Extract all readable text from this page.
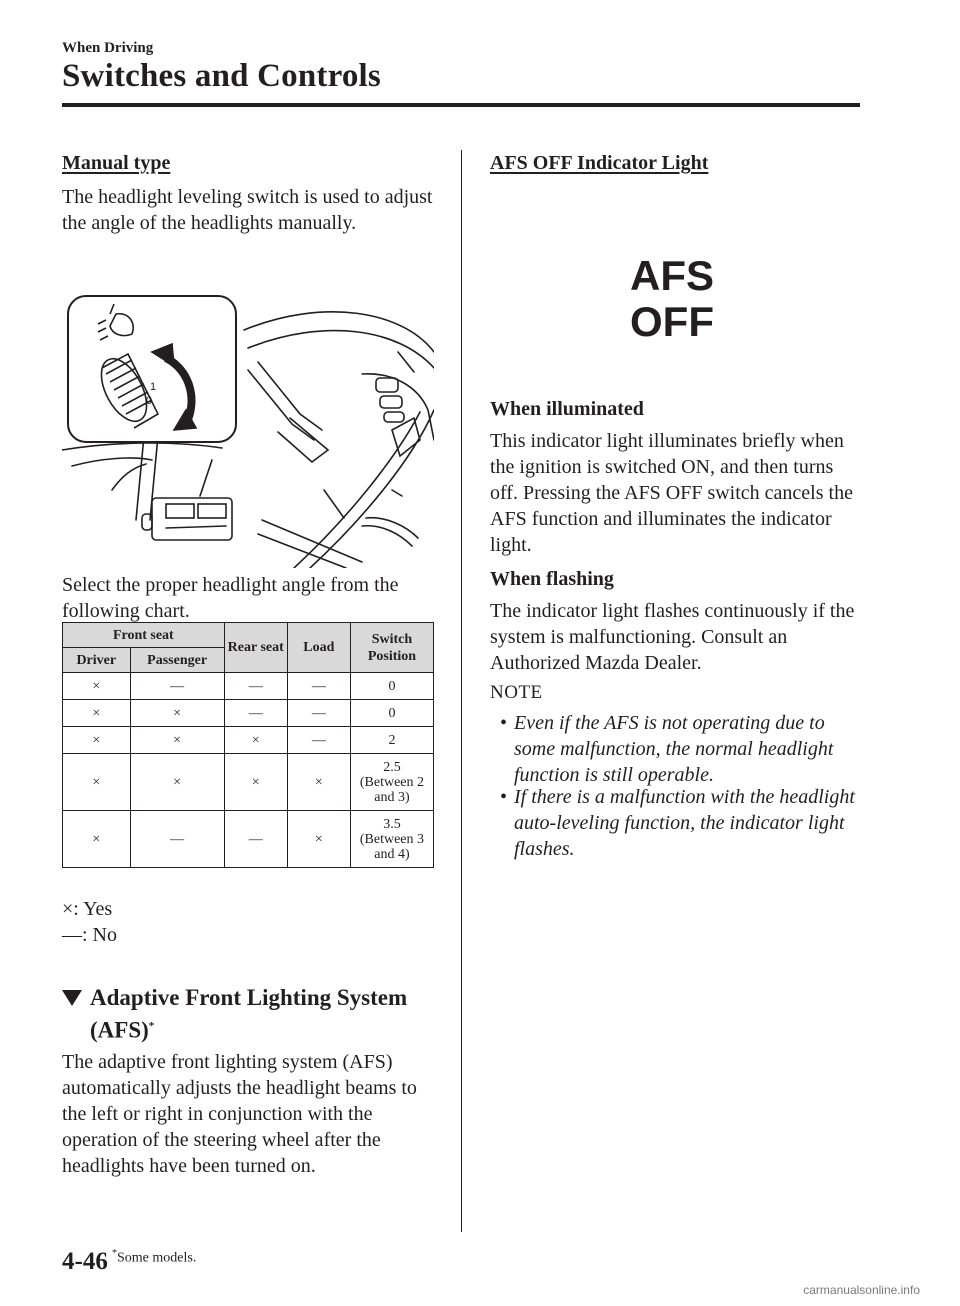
When Driving
Switches and Controls
Manual type

The headlight leveling switch is used to adjust the angle of the headlights manually.

1
0

Select the proper headlight angle from the following chart.

Front seat		Rear seat	Load	Switch Position
Driver	Passenger			
×	—	—	—	0
×	×	—	—	0
×	×	×	—	2
×	×	×	×	2.5 (Between 2 and 3)
×	—	—	×	3.5 (Between 3 and 4)
×: Yes
—: No
Adaptive Front Lighting System (AFS)*

The adaptive front lighting system (AFS) automatically adjusts the headlight beams to the left or right in conjunction with the operation of the steering wheel after the headlights have been turned on.

AFS OFF Indicator Light
AFS
OFF
When illuminated

This indicator light illuminates briefly when the ignition is switched ON, and then turns off. Pressing the AFS OFF switch cancels the AFS function and illuminates the indicator light.

When flashing

The indicator light flashes continuously if the system is malfunctioning. Consult an Authorized Mazda Dealer.

NOTE
• Even if the AFS is not operating due to some malfunction, the normal headlight function is still operable.
• If there is a malfunction with the headlight auto-leveling function, the indicator light flashes.
4-46 *Some models.
carmanualsonline.info
